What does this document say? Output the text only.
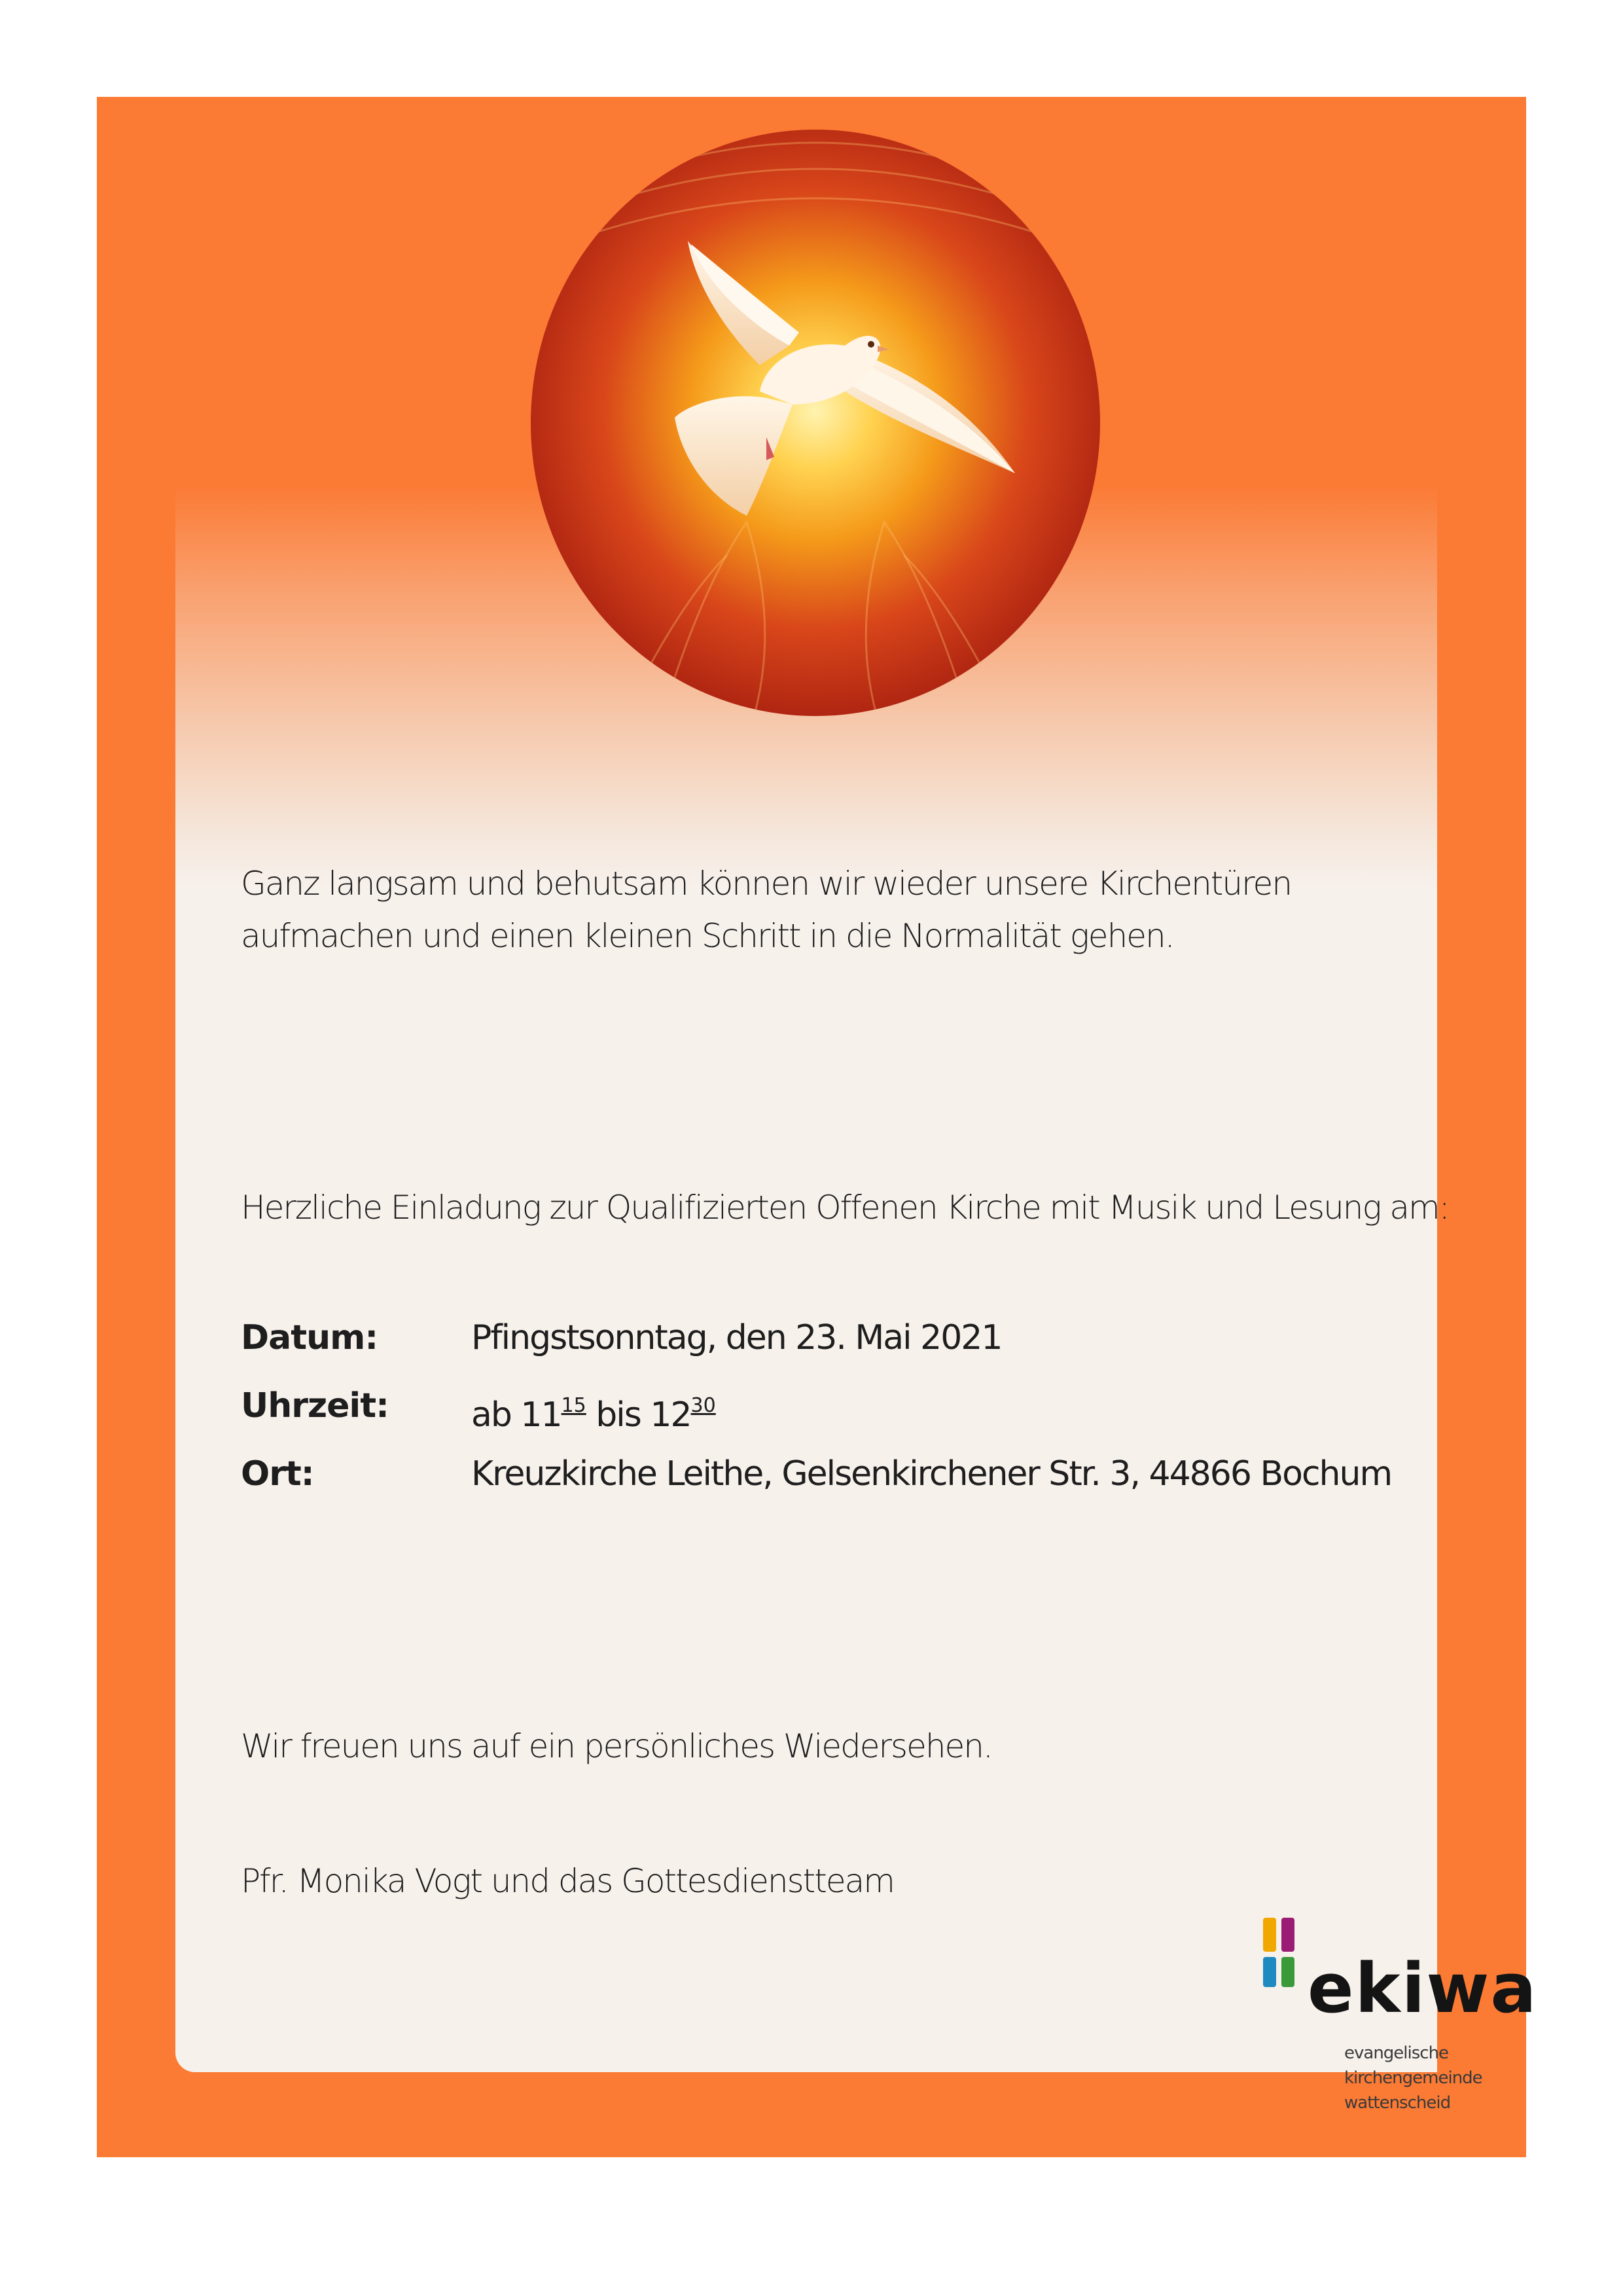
Ganz langsam und behutsam können wir wieder unsere Kirchentüren
aufmachen und einen kleinen Schritt in die Normalität gehen.

Herzliche Einladung zur Qualifizierten Offenen Kirche mit Musik und Lesung am:

Datum:	Pfingstsonntag, den 23. Mai 2021
Uhrzeit: ab $11^{15}$ bis $12^{30}$
Ort:	Kreuzkirche Leithe, Gelsenkirchener Str. 3, 44866 Bochum

Wir freuen uns auf ein persönliches Wiedersehen.

Pfr. Monika Vogt und das Gottesdienstteam

ekiwa
evangelische
kirchengemeinde
wattenscheid
